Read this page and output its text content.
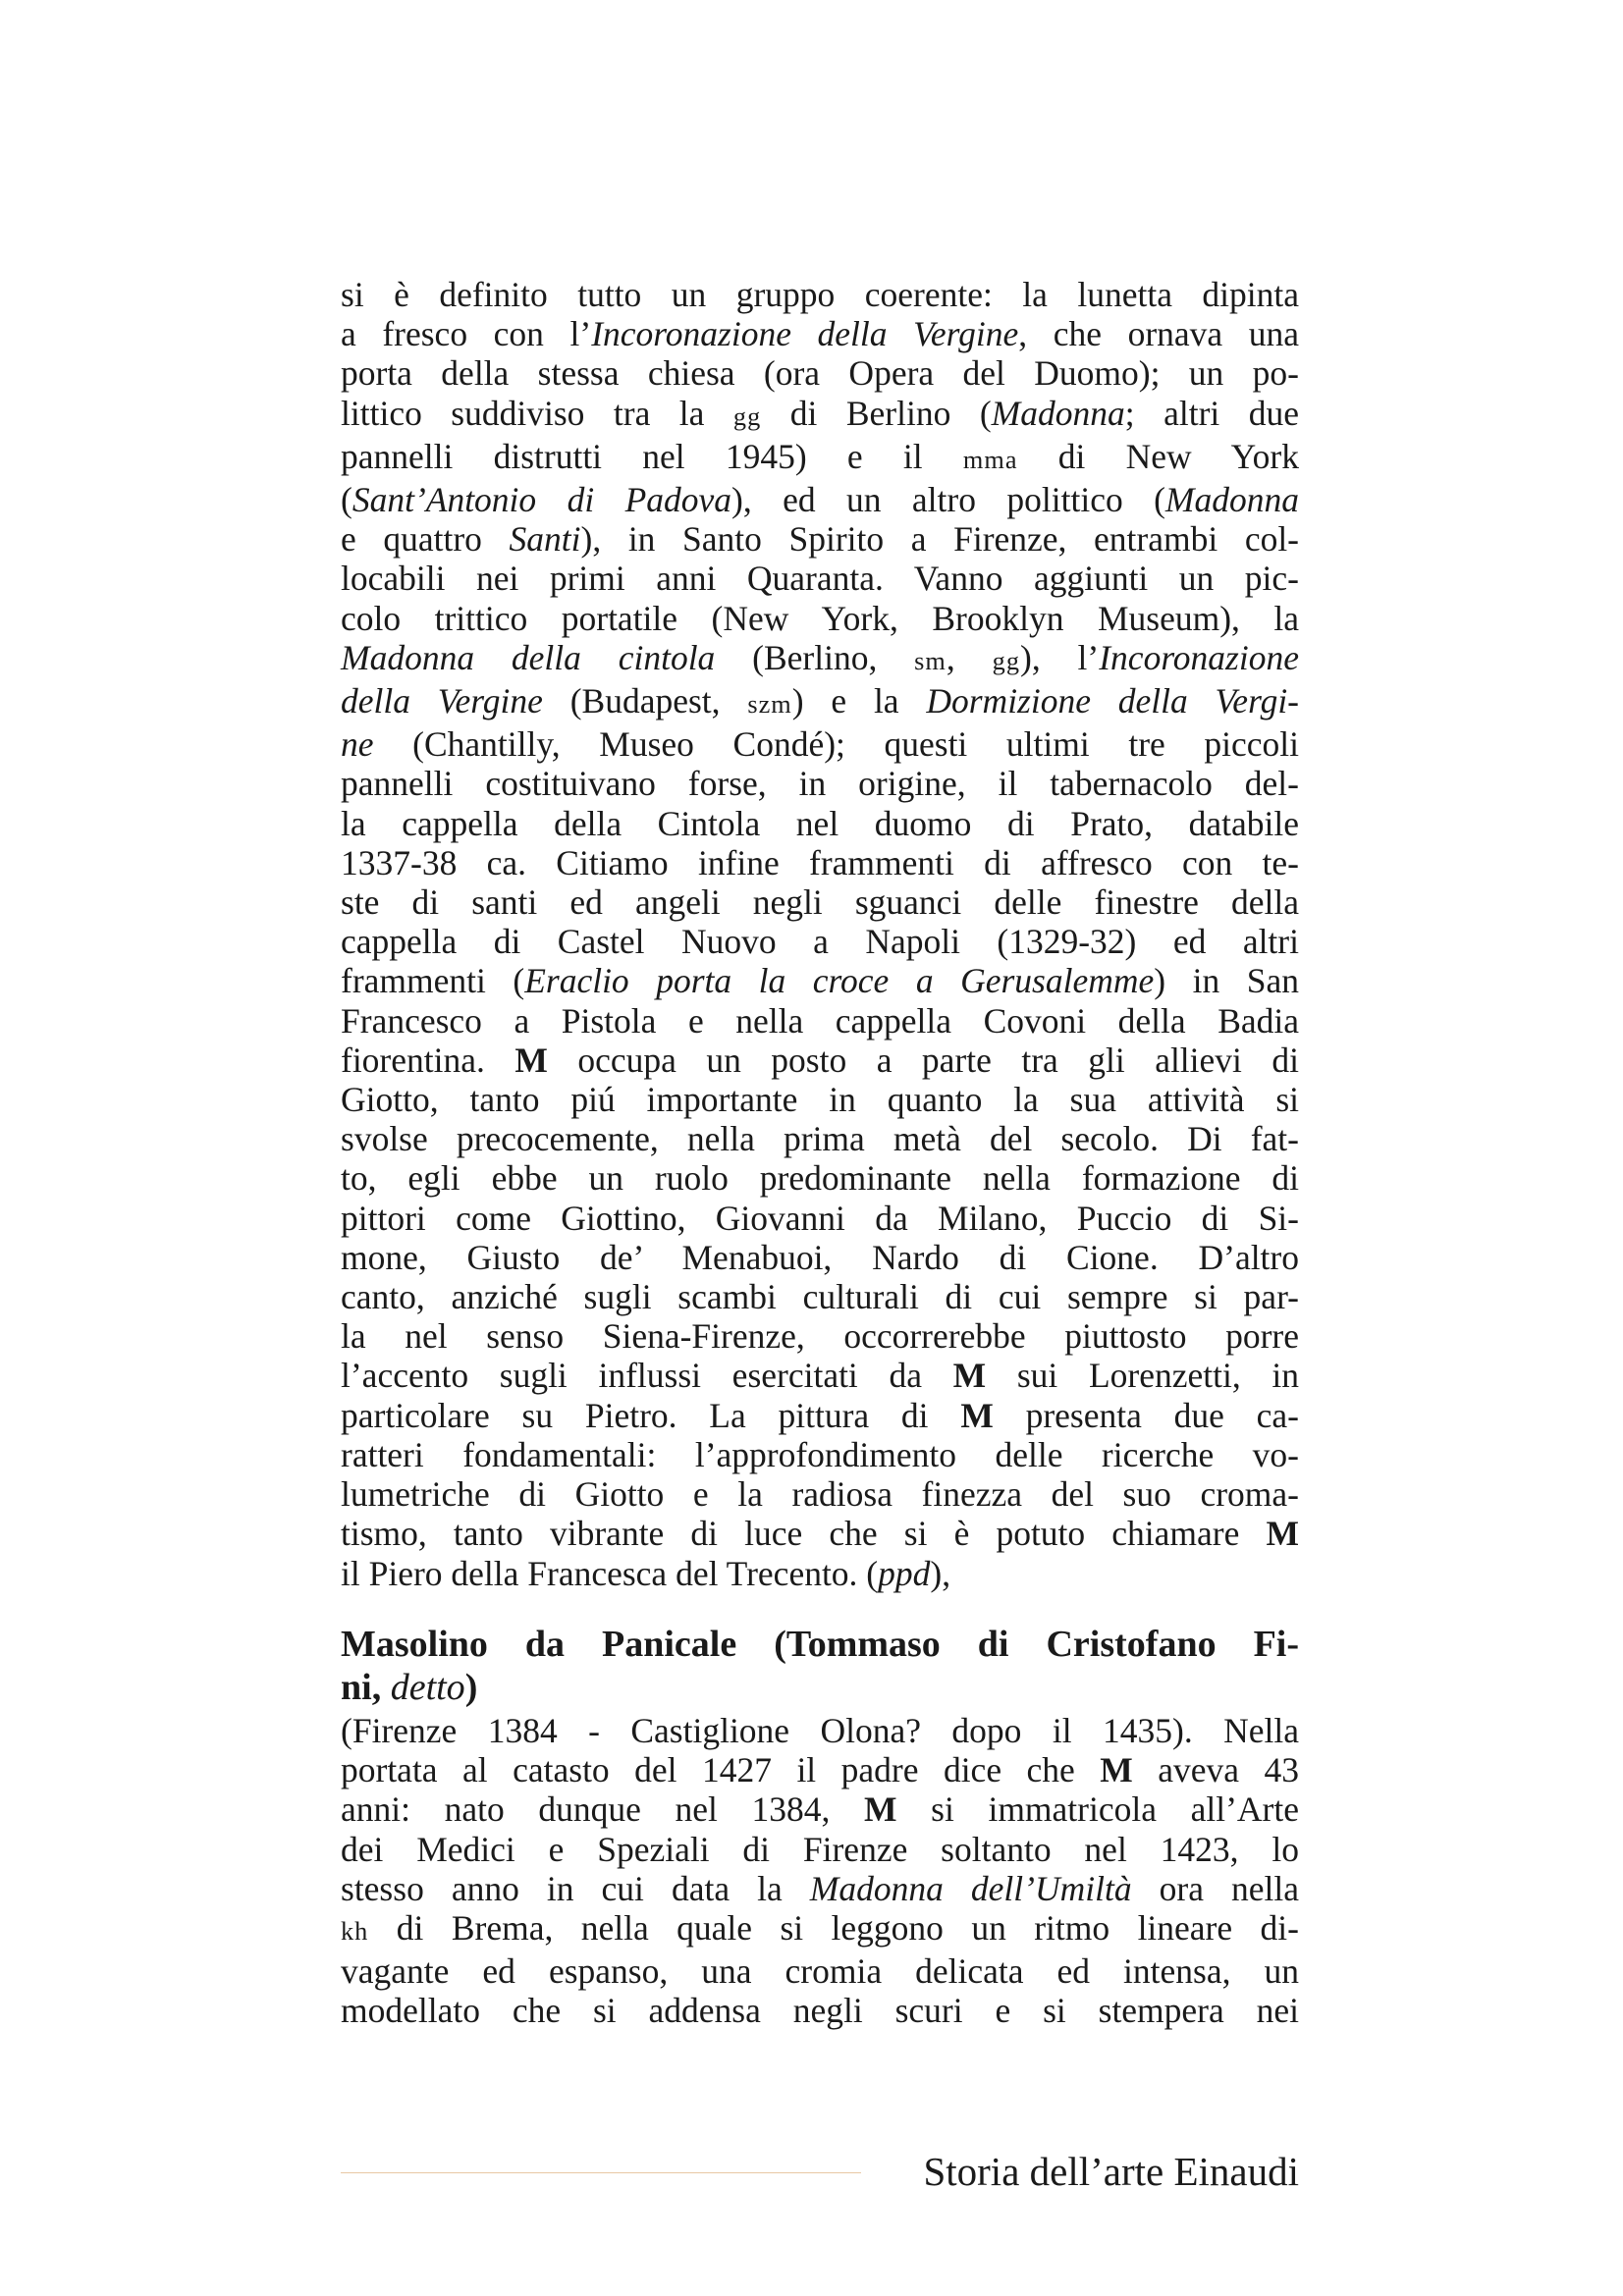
si è definito tutto un gruppo coerente: la lunetta dipinta
a fresco con l’Incoronazione della Vergine, che ornava una
porta della stessa chiesa (ora Opera del Duomo); un po-
littico suddiviso tra la gg di Berlino (Madonna; altri due
pannelli distrutti nel 1945) e il mma di New York
(Sant’Antonio di Padova), ed un altro polittico (Madonna
e quattro Santi), in Santo Spirito a Firenze, entrambi col-
locabili nei primi anni Quaranta. Vanno aggiunti un pic-
colo trittico portatile (New York, Brooklyn Museum), la
Madonna della cintola (Berlino, sm, gg), l’Incoronazione
della Vergine (Budapest, szm) e la Dormizione della Vergi-
ne (Chantilly, Museo Condé); questi ultimi tre piccoli
pannelli costituivano forse, in origine, il tabernacolo del-
la cappella della Cintola nel duomo di Prato, databile
1337-38 ca. Citiamo infine frammenti di affresco con te-
ste di santi ed angeli negli sguanci delle finestre della
cappella di Castel Nuovo a Napoli (1329-32) ed altri
frammenti (Eraclio porta la croce a Gerusalemme) in San
Francesco a Pistola e nella cappella Covoni della Badia
fiorentina. M occupa un posto a parte tra gli allievi di
Giotto, tanto piú importante in quanto la sua attività si
svolse precocemente, nella prima metà del secolo. Di fat-
to, egli ebbe un ruolo predominante nella formazione di
pittori come Giottino, Giovanni da Milano, Puccio di Si-
mone, Giusto de’ Menabuoi, Nardo di Cione. D’altro
canto, anziché sugli scambi culturali di cui sempre si par-
la nel senso Siena-Firenze, occorrerebbe piuttosto porre
l’accento sugli influssi esercitati da M sui Lorenzetti, in
particolare su Pietro. La pittura di M presenta due ca-
ratteri fondamentali: l’approfondimento delle ricerche vo-
lumetriche di Giotto e la radiosa finezza del suo croma-
tismo, tanto vibrante di luce che si è potuto chiamare M
il Piero della Francesca del Trecento. (ppd),
Masolino da Panicale (Tommaso di Cristofano Fi-
ni, detto)
(Firenze 1384 - Castiglione Olona? dopo il 1435). Nella
portata al catasto del 1427 il padre dice che M aveva 43
anni: nato dunque nel 1384, M si immatricola all’Arte
dei Medici e Speziali di Firenze soltanto nel 1423, lo
stesso anno in cui data la Madonna dell’Umiltà ora nella
kh di Brema, nella quale si leggono un ritmo lineare di-
vagante ed espanso, una cromia delicata ed intensa, un
modellato che si addensa negli scuri e si stempera nei
Storia dell’arte Einaudi
